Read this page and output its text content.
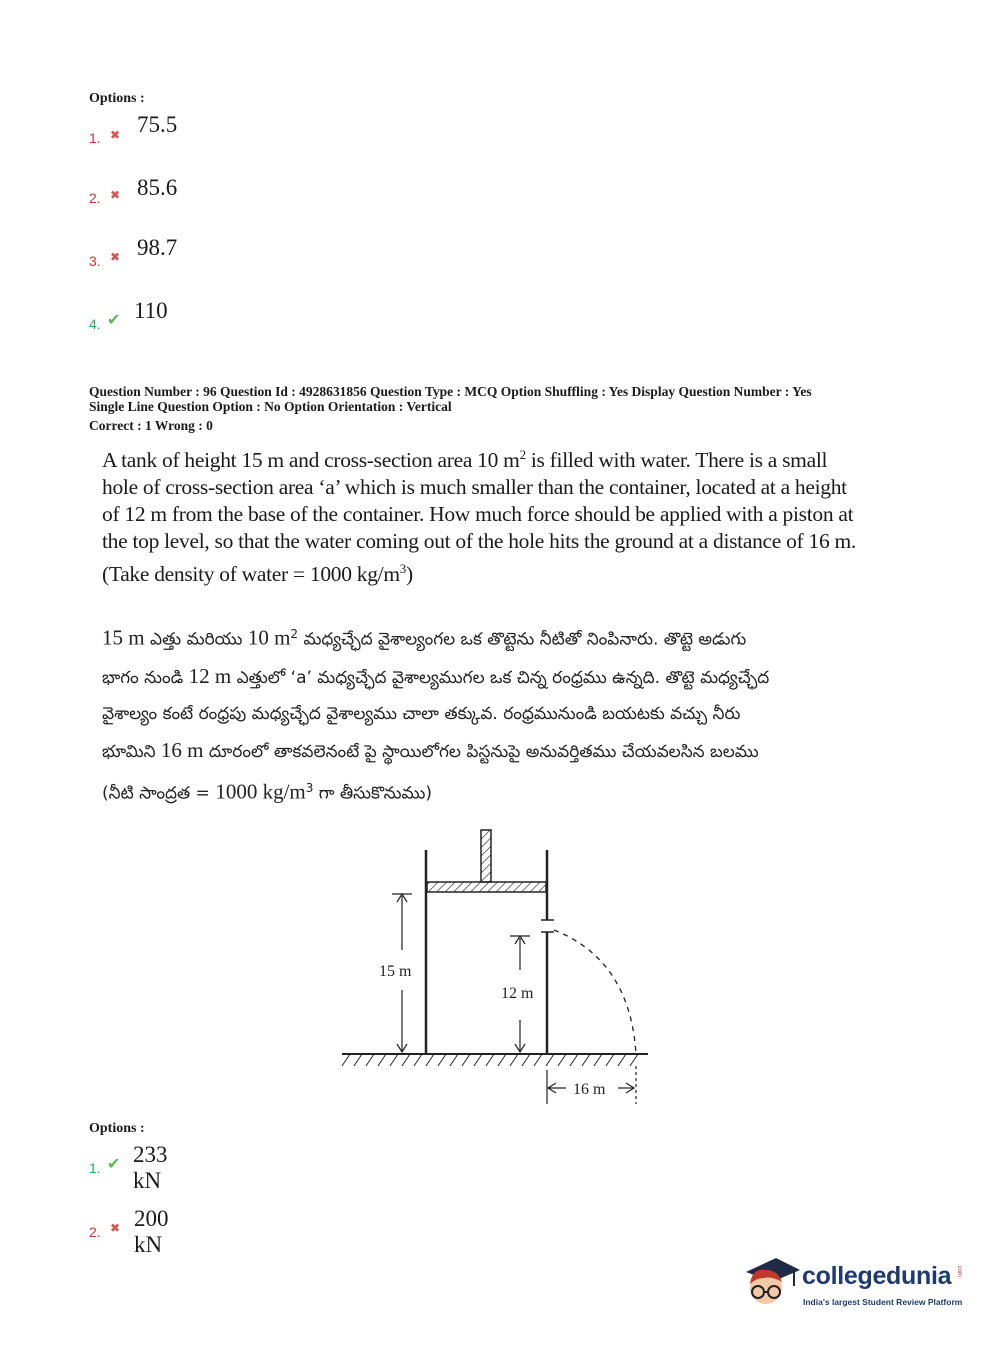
Options :
1. ✖ 75.5
2. ✖ 85.6
3. ✖ 98.7
4. ✔ 110
Question Number : 96 Question Id : 4928631856 Question Type : MCQ Option Shuffling : Yes Display Question Number : Yes
Single Line Question Option : No Option Orientation : Vertical
Correct : 1 Wrong : 0
A tank of height 15 m and cross-section area 10 $m^2$ is filled with water. There is a small
hole of cross-section area ‘a’ which is much smaller than the container, located at a height
of 12 m from the base of the container. How much force should be applied with a piston at
the top level, so that the water coming out of the hole hits the ground at a distance of 16 m.
(Take density of water = 1000 $kg/m^3$)
15 m ఎత్తు మరియు 10 $m^2$ మధ్యచ్ఛేద వైశాల్యంగల ఒక తొట్టెను నీటితో నింపినారు. తొట్టె అడుగు
భాగం నుండి 12 m ఎత్తులో ‘a’ మధ్యచ్ఛేద వైశాల్యముగల ఒక చిన్న రంధ్రము ఉన్నది. తొట్టె మధ్యచ్ఛేద
వైశాల్యం కంటే రంధ్రపు మధ్యచ్ఛేద వైశాల్యము చాలా తక్కువ. రంధ్రమునుండి బయటకు వచ్చు నీరు
భూమిని 16 m దూరంలో తాకవలెనంటే పై స్థాయిలోగల పిస్టనుపై అనువర్తితము చేయవలసిన బలము
(నీటి సాంద్రత = 1000 $kg/m^3$ గా తీసుకొనుము)
15 m
12 m
16 m
Options :
1. ✔ 233 kN
2. ✖ 200 kN
collegedunia .com
India's largest Student Review Platform
